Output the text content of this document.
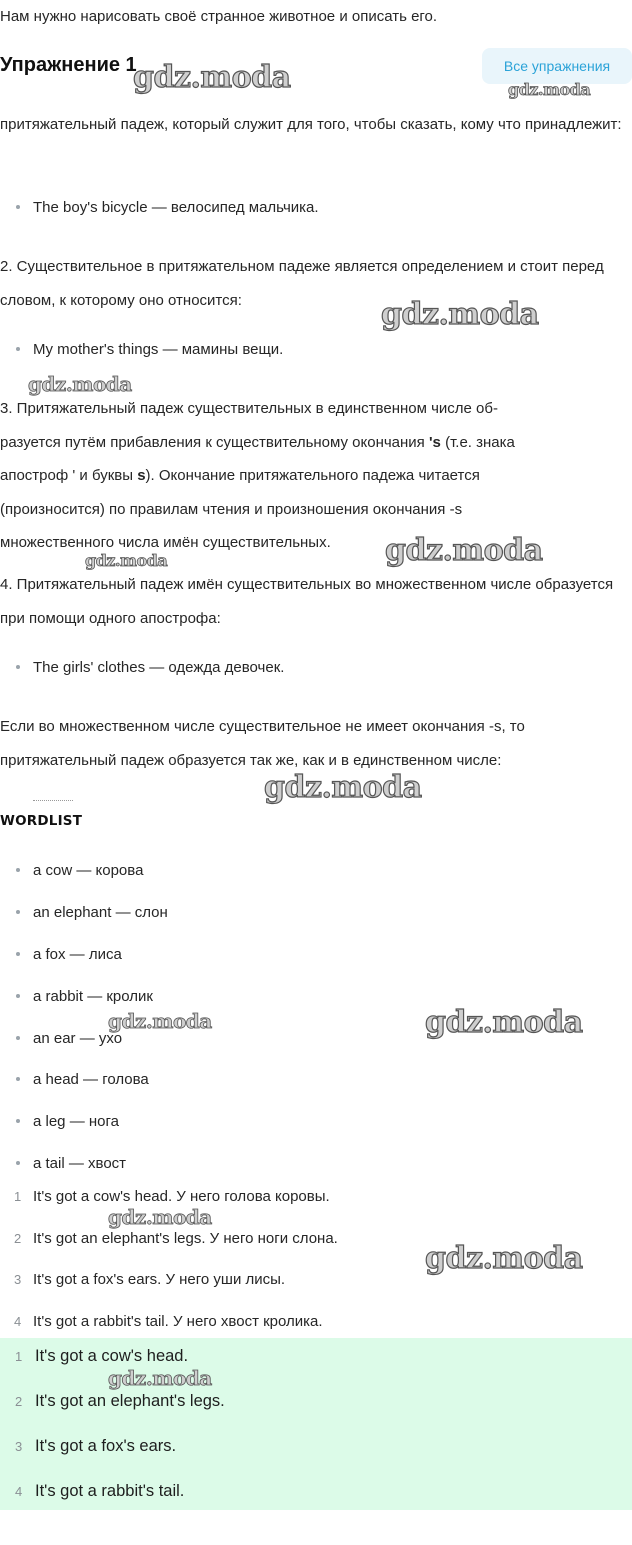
Нам нужно нарисовать своё странное животное и описать его.
Упражнение 1	Все упражнения
притяжательный падеж, который служит для того, чтобы сказать, кому что принадлежит:
The boy's bicycle — велосипед мальчика.
2. Существительное в притяжательном падеже является определением и стоит перед словом, к которому оно относится:
My mother's things — мамины вещи.
3. Притяжательный падеж существительных в единственном числе об-
разуется путём прибавления к существительному окончания 's (т.е. знака
апостроф ' и буквы s). Окончание притяжательного падежа читается
(произносится) по правилам чтения и произношения окончания -s
множественного числа имён существительных.
4. Притяжательный падеж имён существительных во множественном числе образуется при помощи одного апострофа:
The girls' clothes — одежда девочек.
Если во множественном числе существительное не имеет окончания -s, то притяжательный падеж образуется так же, как и в единственном числе:
WORDLIST
a cow — корова
an elephant — слон
a fox — лиса
a rabbit — кролик
an ear — ухо
a head — голова
a leg — нога
a tail — хвост
1 It's got a cow's head. У него голова коровы.
2 It's got an elephant's legs. У него ноги слона.
3 It's got a fox's ears. У него уши лисы.
4 It's got a rabbit's tail. У него хвост кролика.
1 It's got a cow's head.
2 It's got an elephant's legs.
3 It's got a fox's ears.
4 It's got a rabbit's tail.
gdz.moda	gdz.moda
gdz.moda
gdz.moda
gdz.moda
gdz.moda
gdz.moda
gdz.moda	gdz.moda
gdz.moda
gdz.moda
gdz.moda
